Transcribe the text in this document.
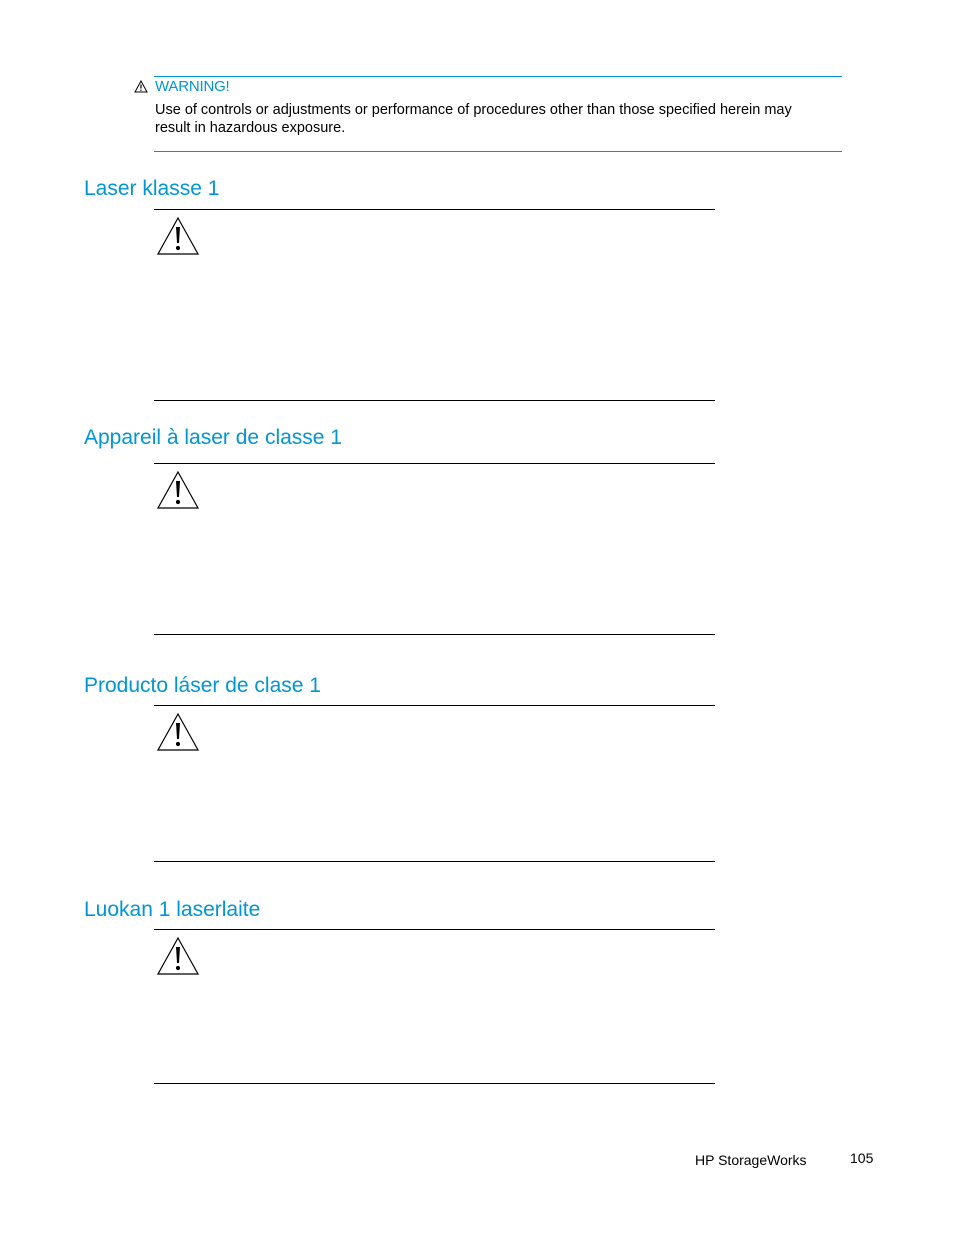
WARNING!
Use of controls or adjustments or performance of procedures other than those specified herein may result in hazardous exposure.
Laser klasse 1
Appareil à laser de classe 1
Producto láser de clase 1
Luokan 1 laserlaite
HP StorageWorks	105
